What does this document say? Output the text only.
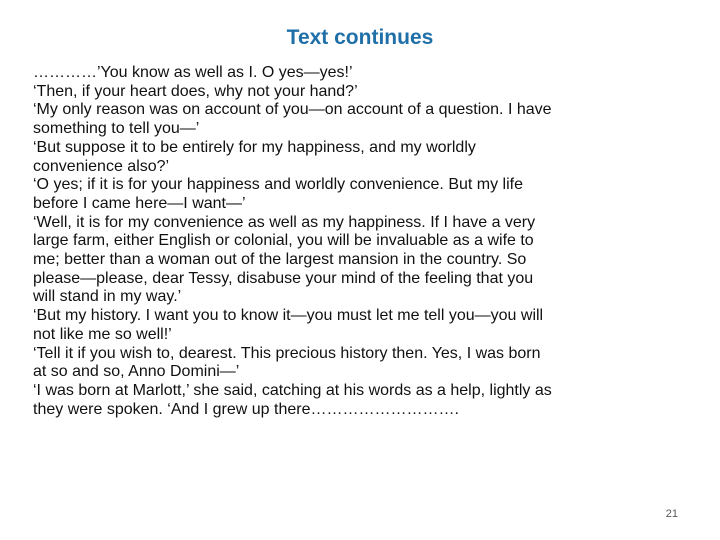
Text continues

…………’You know as well as I. O yes—yes!’

‘Then, if your heart does, why not your hand?’

‘My only reason was on account of you—on account of a question. I have something to tell you—’

‘But suppose it to be entirely for my happiness, and my worldly convenience also?’

‘O yes; if it is for your happiness and worldly convenience. But my life before I came here—I want—’

‘Well, it is for my convenience as well as my happiness. If I have a very large farm, either English or colonial, you will be invaluable as a wife to me; better than a woman out of the largest mansion in the country. So please—please, dear Tessy, disabuse your mind of the feeling that you will stand in my way.’

‘But my history. I want you to know it—you must let me tell you—you will not like me so well!’

‘Tell it if you wish to, dearest. This precious history then. Yes, I was born at so and so, Anno Domini—’

‘I was born at Marlott,’ she said, catching at his words as a help, lightly as they were spoken. ‘And I grew up there……………………….

21
